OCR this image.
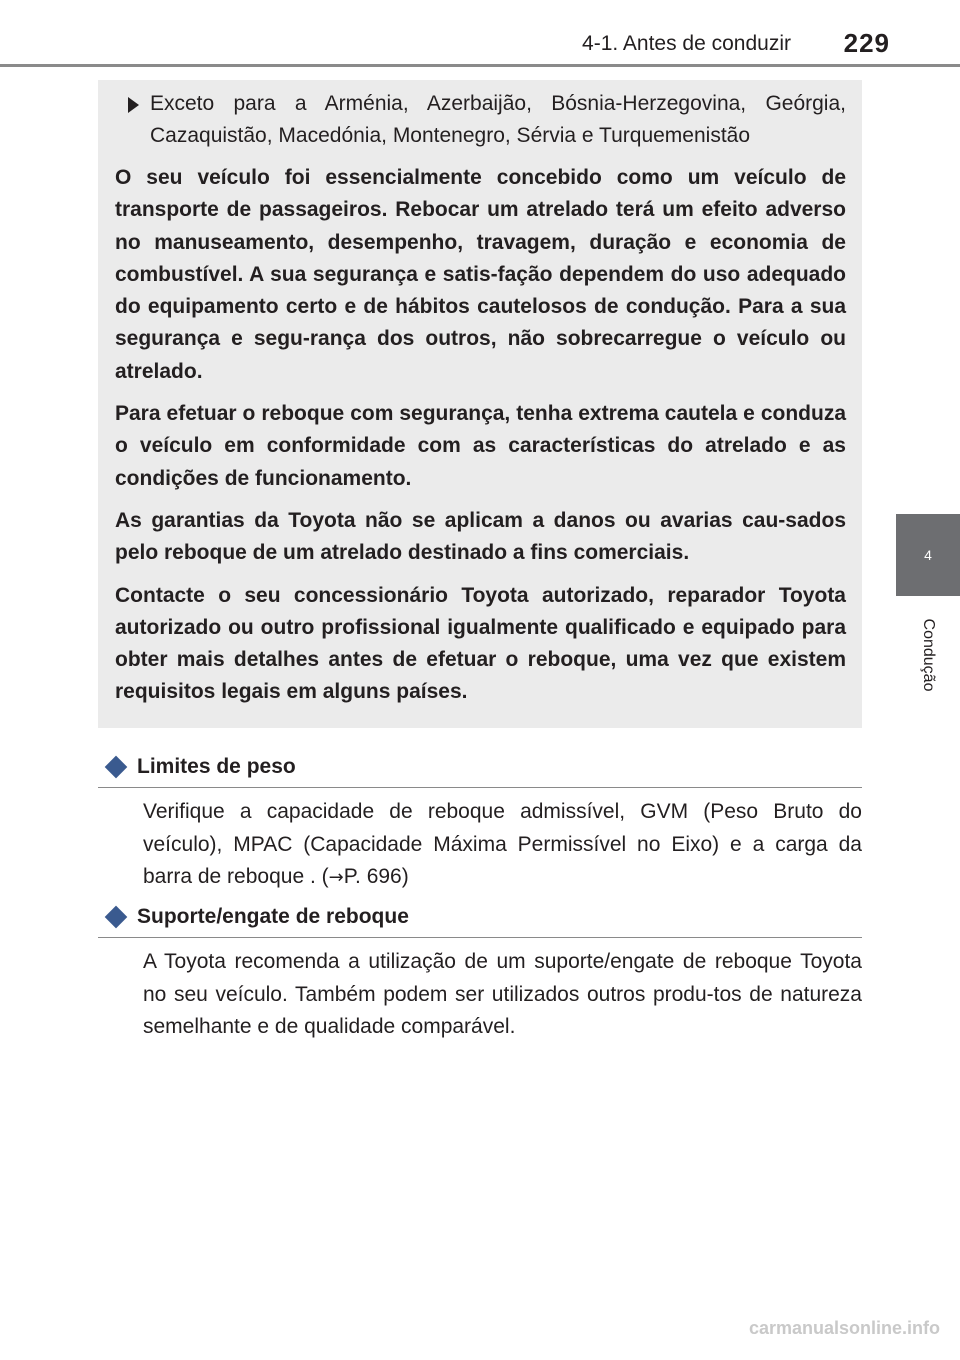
4-1. Antes de conduzir	229
4
Condução
Exceto para a Arménia, Azerbaijão, Bósnia-Herzegovina, Geórgia, Cazaquistão, Macedónia, Montenegro, Sérvia e Turquemenistão

O seu veículo foi essencialmente concebido como um veículo de transporte de passageiros. Rebocar um atrelado terá um efeito adverso no manuseamento, desempenho, travagem, duração e economia de combustível. A sua segurança e satis-fação dependem do uso adequado do equipamento certo e de hábitos cautelosos de condução. Para a sua segurança e segu-rança dos outros, não sobrecarregue o veículo ou atrelado.

Para efetuar o reboque com segurança, tenha extrema cautela e conduza o veículo em conformidade com as características do atrelado e as condições de funcionamento.

As garantias da Toyota não se aplicam a danos ou avarias cau-sados pelo reboque de um atrelado destinado a fins comerciais.

Contacte o seu concessionário Toyota autorizado, reparador Toyota autorizado ou outro profissional igualmente qualificado e equipado para obter mais detalhes antes de efetuar o reboque, uma vez que existem requisitos legais em alguns países.

Limites de peso
Verifique a capacidade de reboque admissível, GVM (Peso Bruto do veículo), MPAC (Capacidade Máxima Permissível no Eixo) e a carga da barra de reboque . (→P. 696)
Suporte/engate de reboque
A Toyota recomenda a utilização de um suporte/engate de reboque Toyota no seu veículo. Também podem ser utilizados outros produ-tos de natureza semelhante e de qualidade comparável.
carmanualsonline.info
